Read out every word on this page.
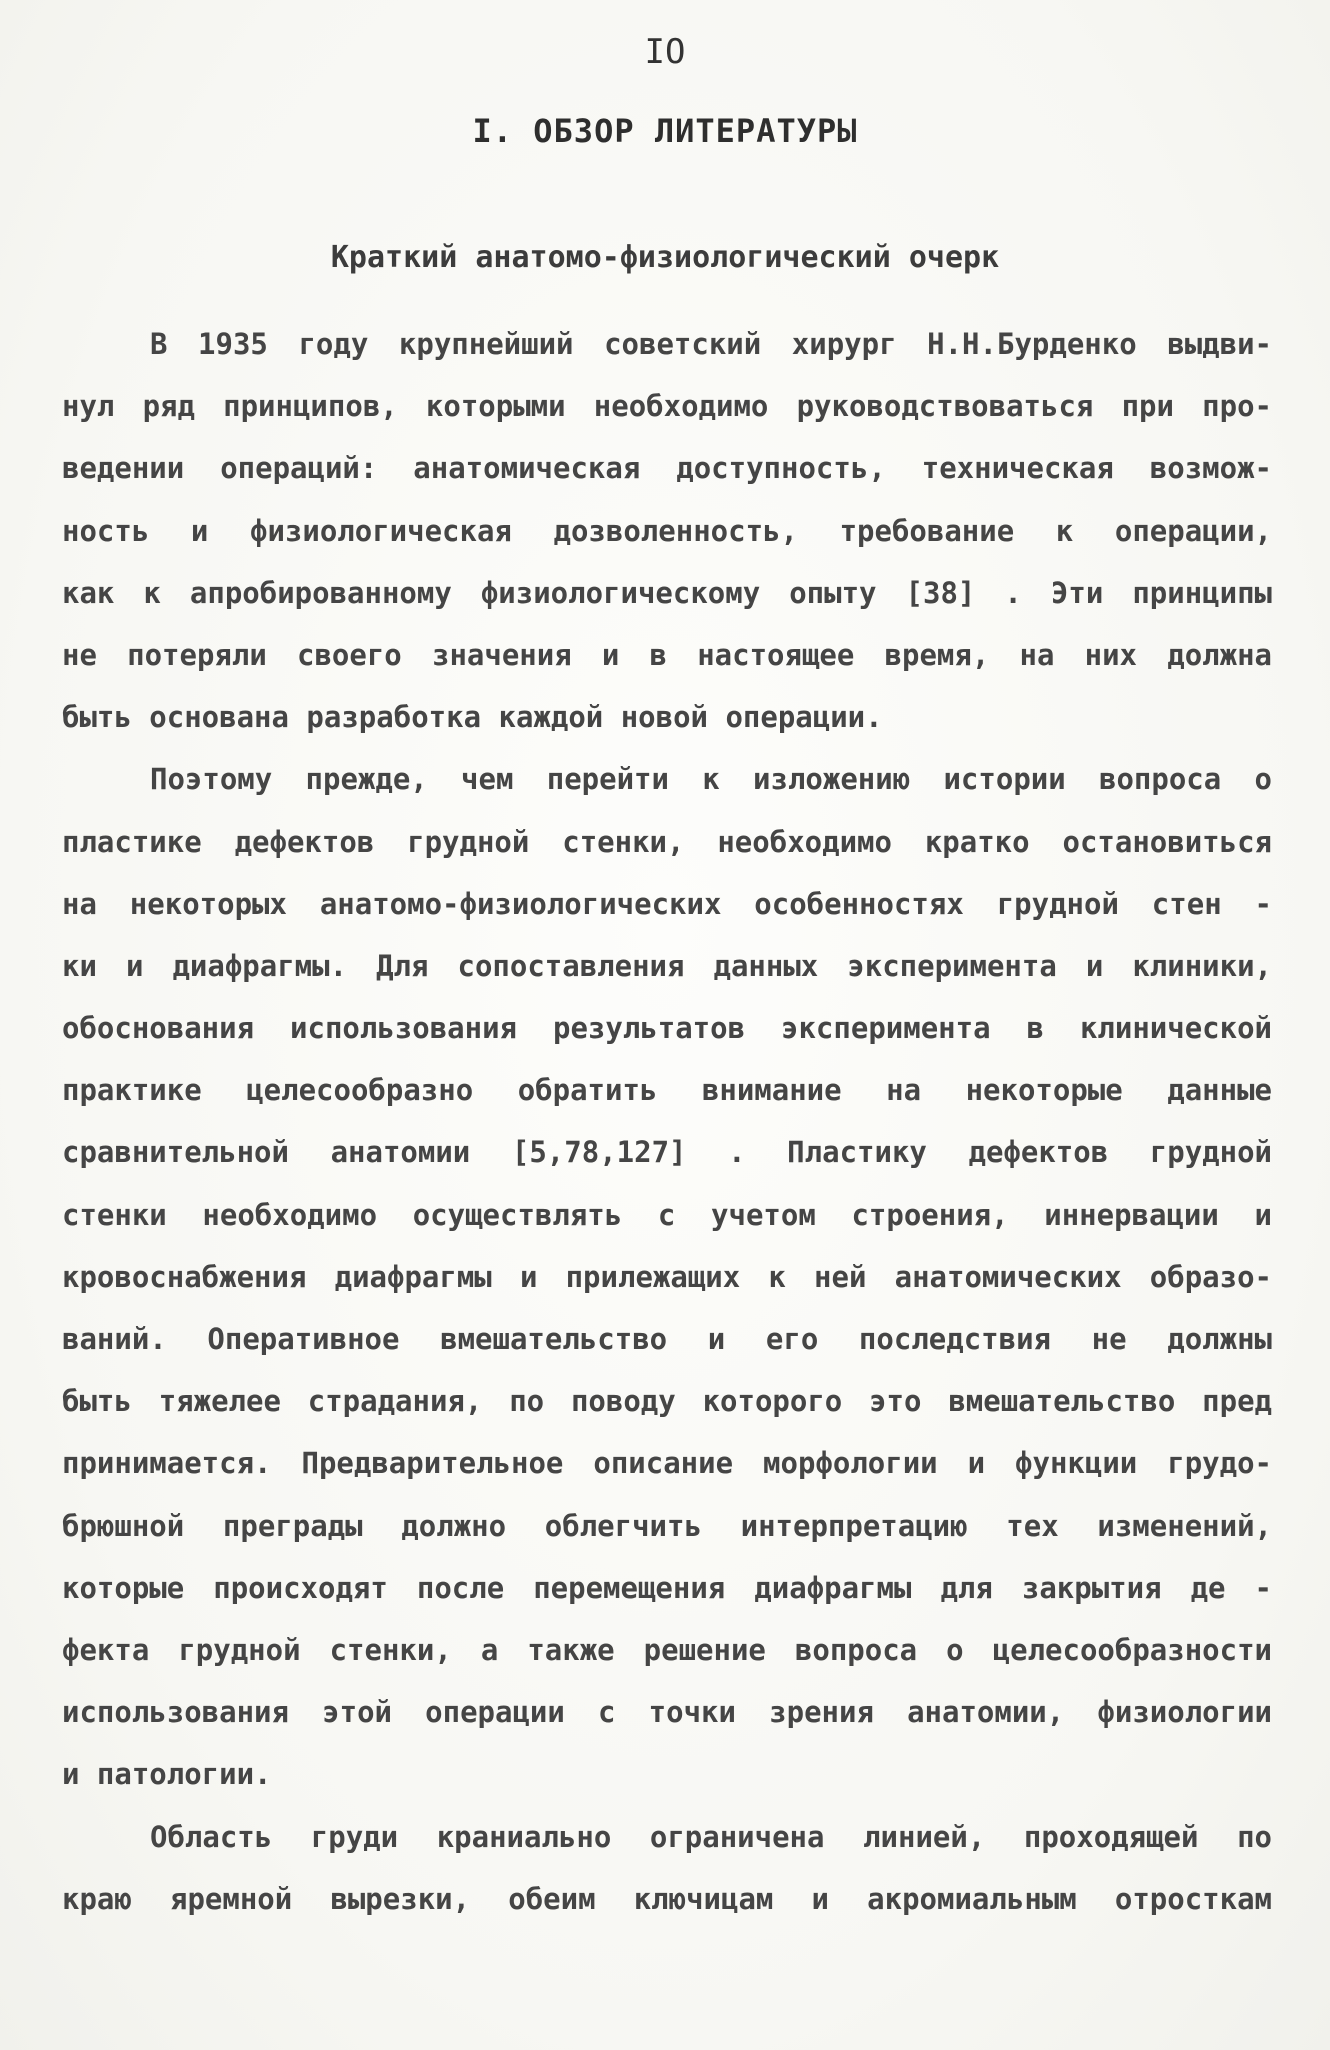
IO
I. ОБЗОР ЛИТЕРАТУРЫ
Краткий анатомо-физиологический очерк
В 1935 году крупнейший советский хирург Н.Н.Бурденко выдви-
нул ряд принципов, которыми необходимо руководствоваться при про-
ведении операций: анатомическая доступность, техническая возмож-
ность и физиологическая дозволенность, требование к операции,
как к апробированному физиологическому опыту [38] . Эти принципы
не потеряли своего значения и в настоящее время, на них должна
быть основана разработка каждой новой операции.
Поэтому прежде, чем перейти к изложению истории вопроса о
пластике дефектов грудной стенки, необходимо кратко остановиться
на некоторых анатомо-физиологических особенностях грудной стен -
ки и диафрагмы. Для сопоставления данных эксперимента и клиники,
обоснования использования результатов эксперимента в клинической
практике целесообразно обратить внимание на некоторые данные
сравнительной анатомии [5,78,127] . Пластику дефектов грудной
стенки необходимо осуществлять с учетом строения, иннервации и
кровоснабжения диафрагмы и прилежащих к ней анатомических образо-
ваний. Оперативное вмешательство и его последствия не должны
быть тяжелее страдания, по поводу которого это вмешательство пред
принимается. Предварительное описание морфологии и функции грудо-
брюшной преграды должно облегчить интерпретацию тех изменений,
которые происходят после перемещения диафрагмы для закрытия де -
фекта грудной стенки, а также решение вопроса о целесообразности
использования этой операции с точки зрения анатомии, физиологии
и патологии.
Область груди краниально ограничена линией, проходящей по
краю яремной вырезки, обеим ключицам и акромиальным отросткам
